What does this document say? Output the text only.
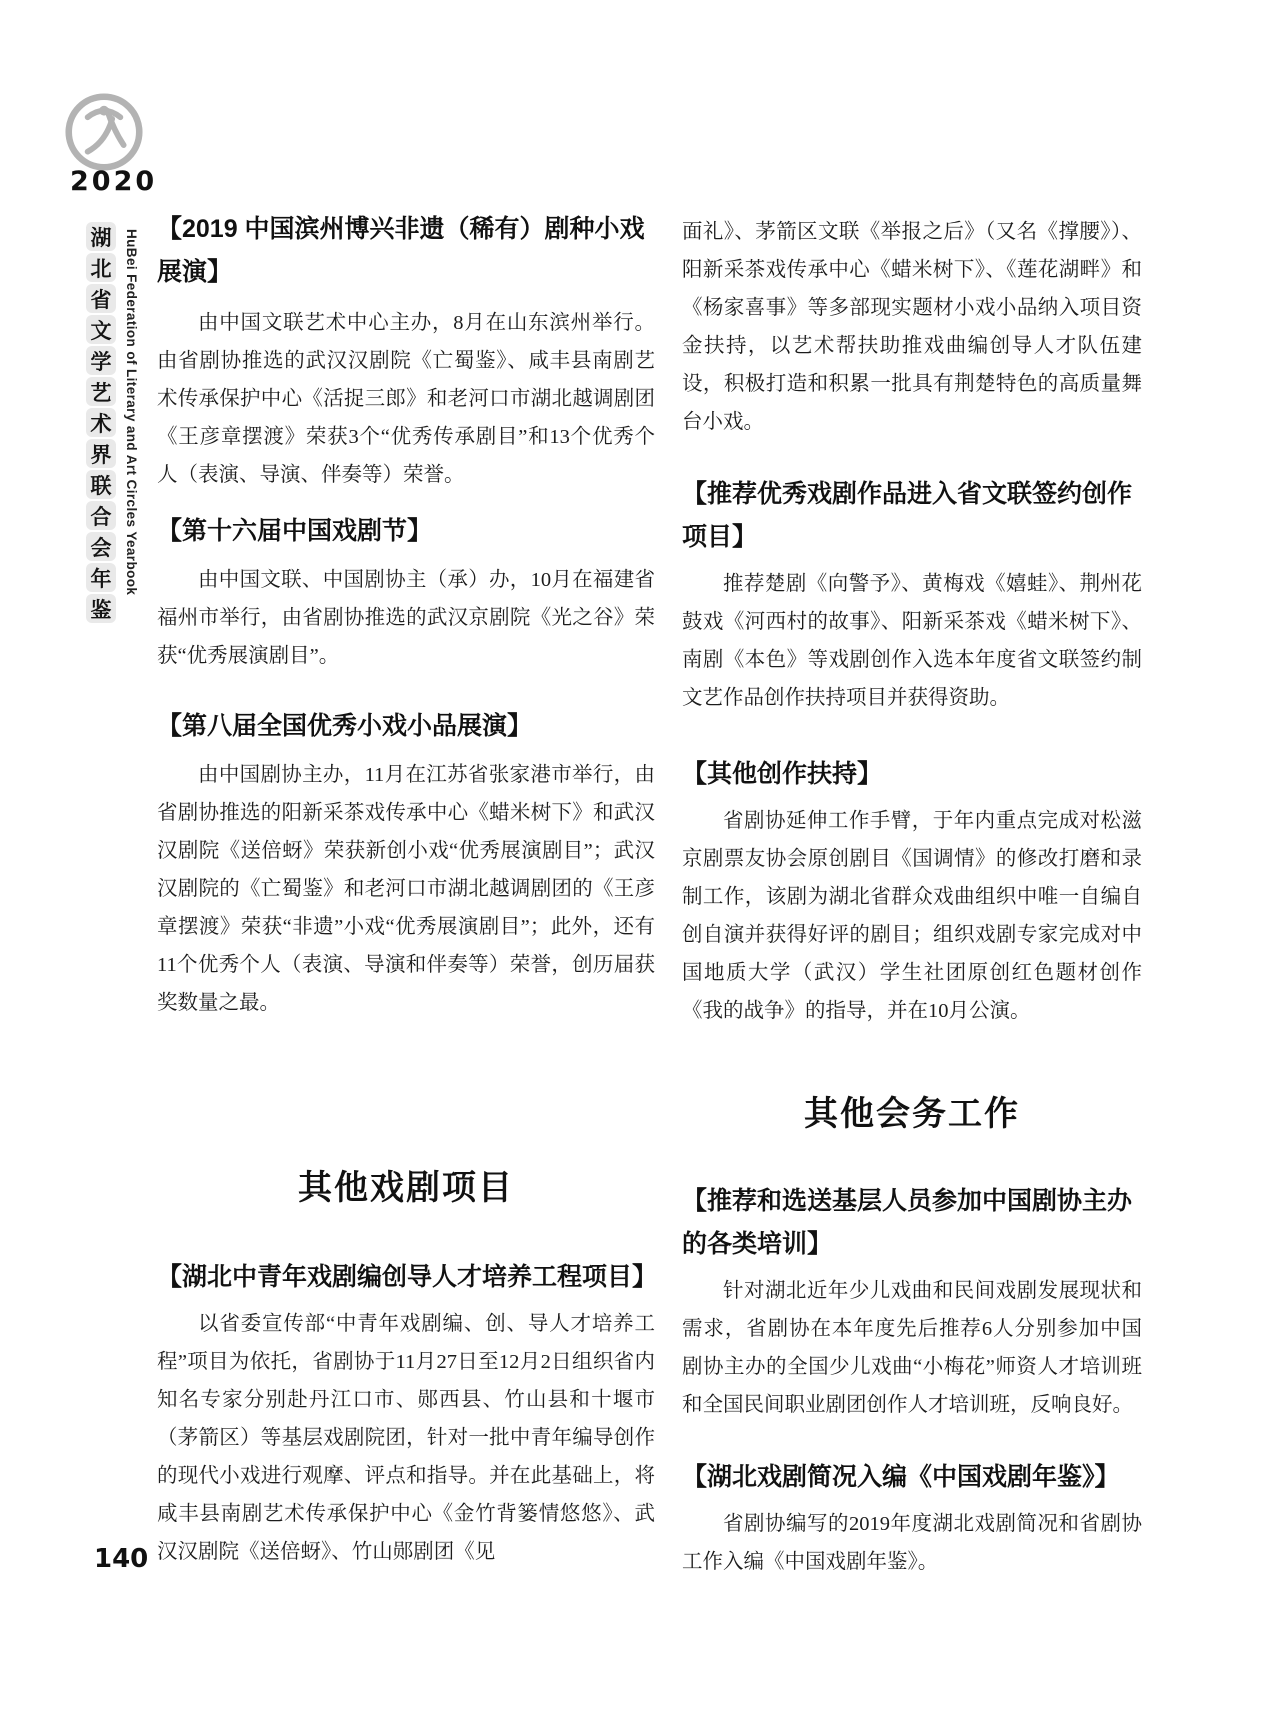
2020
湖
北
省
文
学
艺
术
界
联
合
会
年
鉴
HuBei Federation of Literary and Art Circles Yearbook 【2019 中国滨州博兴非遗（稀有）剧种小戏展演】

由中国文联艺术中心主办，8月在山东滨州举行。由省剧协推选的武汉汉剧院《亡蜀鉴》、咸丰县南剧艺术传承保护中心《活捉三郎》和老河口市湖北越调剧团《王彦章摆渡》荣获3个“优秀传承剧目”和13个优秀个人（表演、导演、伴奏等）荣誉。

【第十六届中国戏剧节】

由中国文联、中国剧协主（承）办，10月在福建省福州市举行，由省剧协推选的武汉京剧院《光之谷》荣获“优秀展演剧目”。

【第八届全国优秀小戏小品展演】

由中国剧协主办，11月在江苏省张家港市举行，由省剧协推选的阳新采茶戏传承中心《蜡米树下》和武汉汉剧院《送倍蚜》荣获新创小戏“优秀展演剧目”；武汉汉剧院的《亡蜀鉴》和老河口市湖北越调剧团的《王彦章摆渡》荣获“非遗”小戏“优秀展演剧目”；此外，还有11个优秀个人（表演、导演和伴奏等）荣誉，创历届获奖数量之最。

其他戏剧项目
【湖北中青年戏剧编创导人才培养工程项目】

以省委宣传部“中青年戏剧编、创、导人才培养工程”项目为依托，省剧协于11月27日至12月2日组织省内知名专家分别赴丹江口市、郧西县、竹山县和十堰市（茅箭区）等基层戏剧院团，针对一批中青年编导创作的现代小戏进行观摩、评点和指导。并在此基础上，将咸丰县南剧艺术传承保护中心《金竹背篓情悠悠》、武汉汉剧院《送倍蚜》、竹山郧剧团《见

面礼》、茅箭区文联《举报之后》（又名《撑腰》）、阳新采茶戏传承中心《蜡米树下》、《莲花湖畔》和《杨家喜事》等多部现实题材小戏小品纳入项目资金扶持，以艺术帮扶助推戏曲编创导人才队伍建设，积极打造和积累一批具有荆楚特色的高质量舞台小戏。

【推荐优秀戏剧作品进入省文联签约创作项目】

推荐楚剧《向警予》、黄梅戏《嬉蛙》、荆州花鼓戏《河西村的故事》、阳新采茶戏《蜡米树下》、南剧《本色》等戏剧创作入选本年度省文联签约制文艺作品创作扶持项目并获得资助。

【其他创作扶持】

省剧协延伸工作手臂，于年内重点完成对松滋京剧票友协会原创剧目《国调情》的修改打磨和录制工作，该剧为湖北省群众戏曲组织中唯一自编自创自演并获得好评的剧目；组织戏剧专家完成对中国地质大学（武汉）学生社团原创红色题材创作《我的战争》的指导，并在10月公演。

其他会务工作
【推荐和选送基层人员参加中国剧协主办的各类培训】

针对湖北近年少儿戏曲和民间戏剧发展现状和需求，省剧协在本年度先后推荐6人分别参加中国剧协主办的全国少儿戏曲“小梅花”师资人才培训班和全国民间职业剧团创作人才培训班，反响良好。

【湖北戏剧简况入编《中国戏剧年鉴》】

省剧协编写的2019年度湖北戏剧简况和省剧协工作入编《中国戏剧年鉴》。

140
